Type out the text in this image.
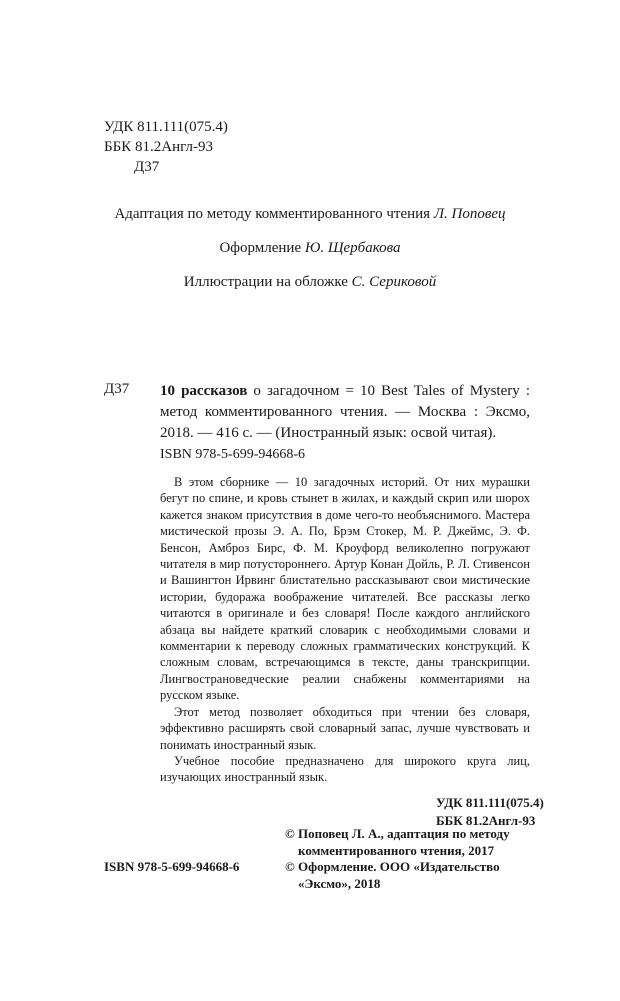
УДК 811.111(075.4)
ББК 81.2Англ-93
Д37
Адаптация по методу комментированного чтения Л. Поповец
Оформление Ю. Щербакова
Иллюстрации на обложке С. Сериковой
Д37 10 рассказов о загадочном = 10 Best Tales of Mystery : метод комментированного чтения. — Москва : Эксмо, 2018. — 416 с. — (Иностранный язык: освой читая).
ISBN 978-5-699-94668-6

В этом сборнике — 10 загадочных историй. От них мурашки бегут по спине, и кровь стынет в жилах, и каждый скрип или шорох кажется знаком присутствия в доме чего-то необъяснимого. Мастера мистической прозы Э. А. По, Брэм Стокер, М. Р. Джеймс, Э. Ф. Бенсон, Амброз Бирс, Ф. М. Кроуфорд великолепно погружают читателя в мир потустороннего. Артур Конан Дойль, Р. Л. Стивенсон и Вашингтон Ирвинг блистательно рассказывают свои мистические истории, будоража воображение читателей. Все рассказы легко читаются в оригинале и без словаря! После каждого английского абзаца вы найдете краткий словарик с необходимыми словами и комментарии к переводу сложных грамматических конструкций. К сложным словам, встречающимся в тексте, даны транскрипции. Лингвострановедческие реалии снабжены комментариями на русском языке.

Этот метод позволяет обходиться при чтении без словаря, эффективно расширять свой словарный запас, лучше чувствовать и понимать иностранный язык.

Учебное пособие предназначено для широкого круга лиц, изучающих иностранный язык.

УДК 811.111(075.4)
ББК 81.2Англ-93
© Поповец Л. А., адаптация по методу комментированного чтения, 2017
© Оформление. ООО «Издательство «Эксмо», 2018
ISBN 978-5-699-94668-6
